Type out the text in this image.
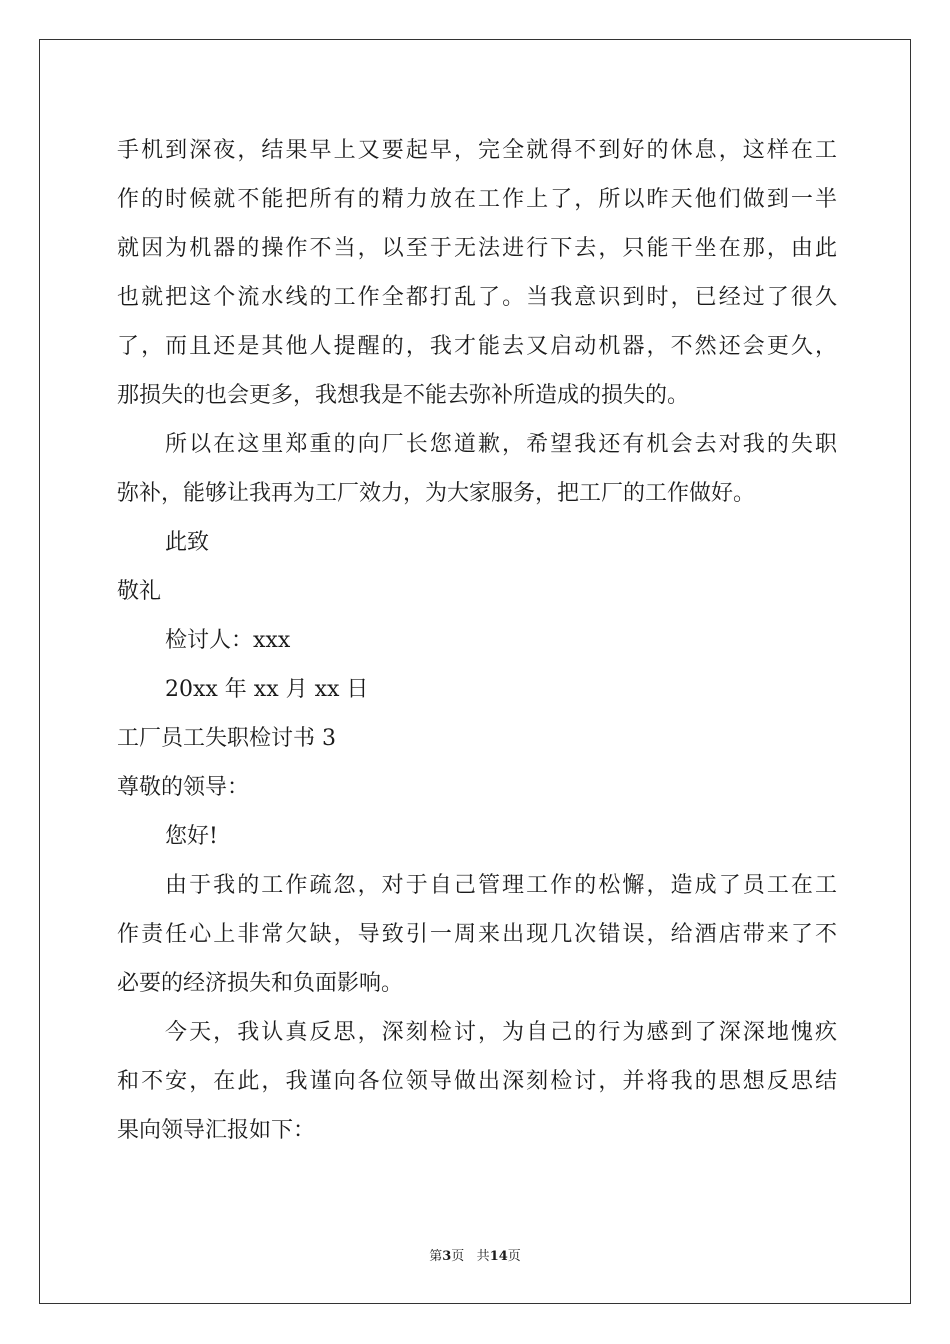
手机到深夜，结果早上又要起早，完全就得不到好的休息，这样在工
作的时候就不能把所有的精力放在工作上了，所以昨天他们做到一半
就因为机器的操作不当，以至于无法进行下去，只能干坐在那，由此
也就把这个流水线的工作全都打乱了。当我意识到时，已经过了很久
了，而且还是其他人提醒的，我才能去又启动机器，不然还会更久，
那损失的也会更多，我想我是不能去弥补所造成的损失的。
所以在这里郑重的向厂长您道歉，希望我还有机会去对我的失职
弥补，能够让我再为工厂效力，为大家服务，把工厂的工作做好。
此致
敬礼
检讨人：xxx
20xx 年 xx 月 xx 日
工厂员工失职检讨书 3
尊敬的领导：
您好!
由于我的工作疏忽，对于自己管理工作的松懈，造成了员工在工
作责任心上非常欠缺，导致引一周来出现几次错误，给酒店带来了不
必要的经济损失和负面影响。
今天，我认真反思，深刻检讨，为自己的行为感到了深深地愧疚
和不安，在此，我谨向各位领导做出深刻检讨，并将我的思想反思结
果向领导汇报如下：
第3页 共14页
